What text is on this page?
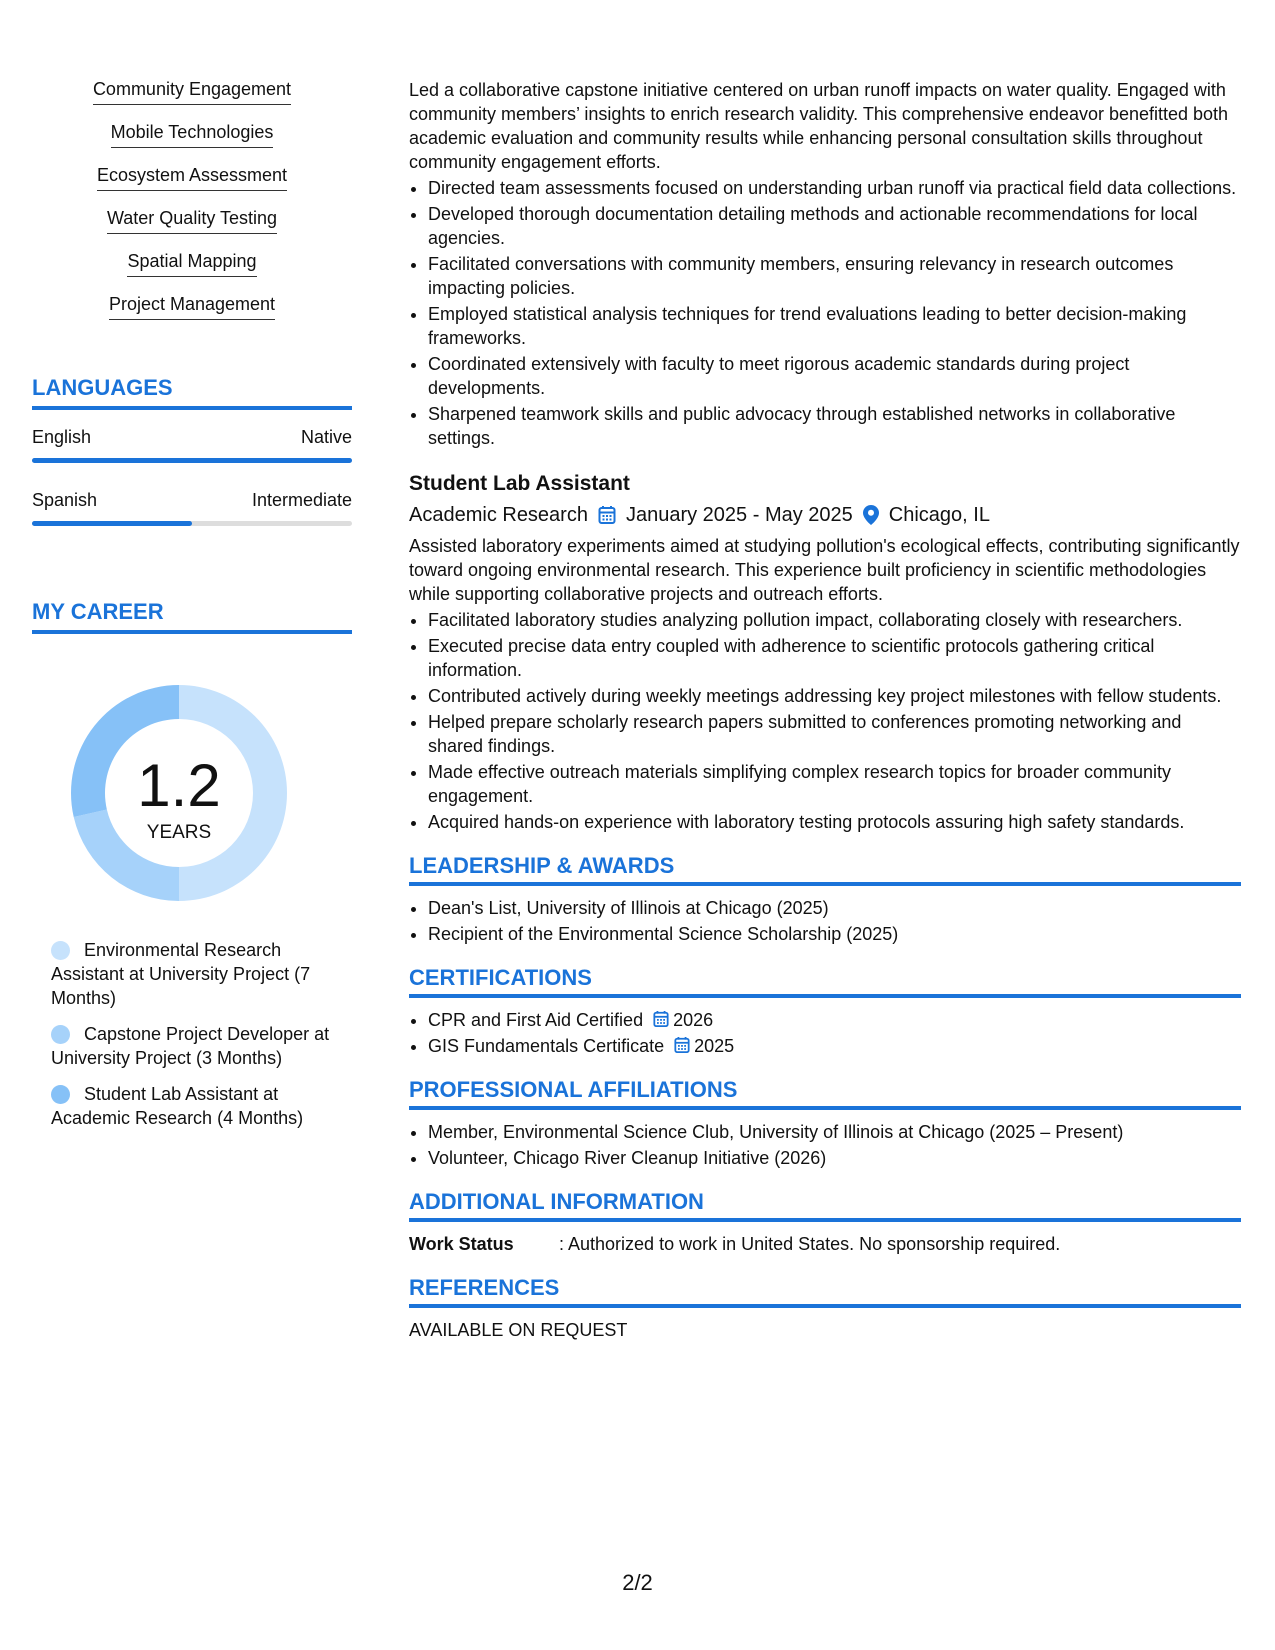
Community Engagement
Mobile Technologies
Ecosystem Assessment
Water Quality Testing
Spatial Mapping
Project Management
LANGUAGES
English	Native
Spanish	Intermediate
MY CAREER
1.2
YEARS
Environmental Research Assistant at University Project (7 Months)
Capstone Project Developer at University Project (3 Months)
Student Lab Assistant at Academic Research (4 Months)

Led a collaborative capstone initiative centered on urban runoff impacts on water quality. Engaged with community members’ insights to enrich research validity. This comprehensive endeavor benefitted both academic evaluation and community results while enhancing personal consultation skills throughout community engagement efforts.

• Directed team assessments focused on understanding urban runoff via practical field data collections.
• Developed thorough documentation detailing methods and actionable recommendations for local agencies.
• Facilitated conversations with community members, ensuring relevancy in research outcomes impacting policies.
• Employed statistical analysis techniques for trend evaluations leading to better decision-making frameworks.
• Coordinated extensively with faculty to meet rigorous academic standards during project developments.
• Sharpened teamwork skills and public advocacy through established networks in collaborative settings.
Student Lab Assistant
Academic Research January 2025 - May 2025 Chicago, IL

Assisted laboratory experiments aimed at studying pollution's ecological effects, contributing significantly toward ongoing environmental research. This experience built proficiency in scientific methodologies while supporting collaborative projects and outreach efforts.

• Facilitated laboratory studies analyzing pollution impact, collaborating closely with researchers.
• Executed precise data entry coupled with adherence to scientific protocols gathering critical information.
• Contributed actively during weekly meetings addressing key project milestones with fellow students.
• Helped prepare scholarly research papers submitted to conferences promoting networking and shared findings.
• Made effective outreach materials simplifying complex research topics for broader community engagement.
• Acquired hands-on experience with laboratory testing protocols assuring high safety standards.
LEADERSHIP & AWARDS
• Dean's List, University of Illinois at Chicago (2025)
• Recipient of the Environmental Science Scholarship (2025)
CERTIFICATIONS
• CPR and First Aid Certified 2026
• GIS Fundamentals Certificate 2025
PROFESSIONAL AFFILIATIONS
• Member, Environmental Science Club, University of Illinois at Chicago (2025 – Present)
• Volunteer, Chicago River Cleanup Initiative (2026)
ADDITIONAL INFORMATION
Work Status	: Authorized to work in United States. No sponsorship required.
REFERENCES
AVAILABLE ON REQUEST
2/2
